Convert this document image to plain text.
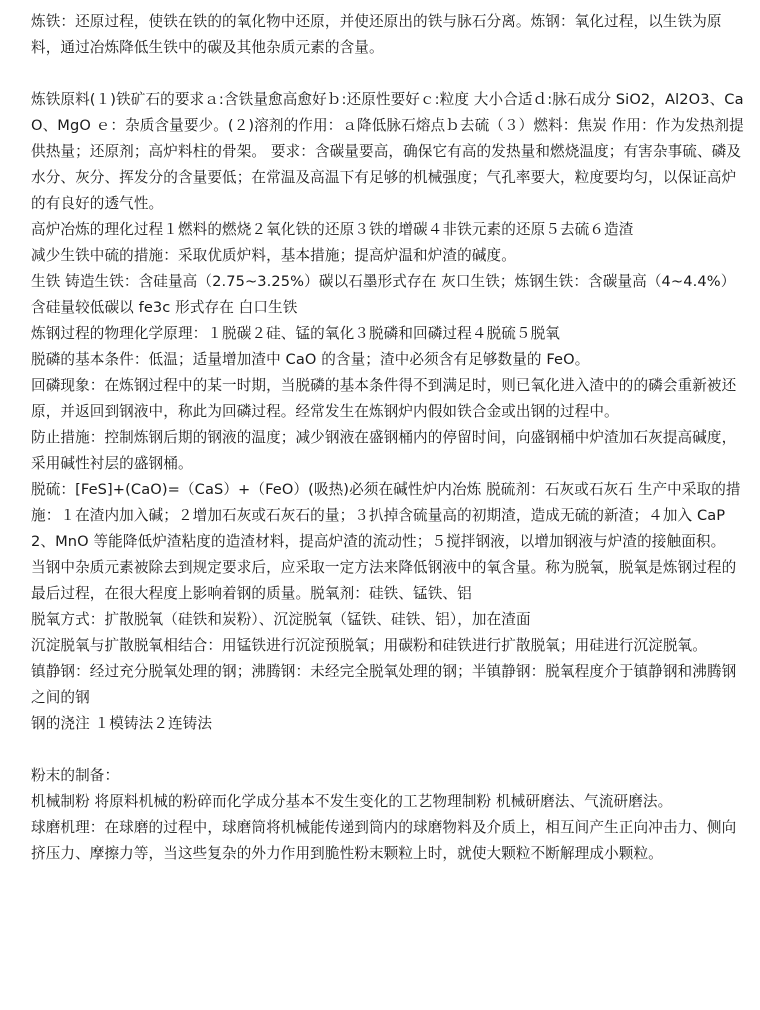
炼铁：还原过程，使铁在铁的的氧化物中还原，并使还原出的铁与脉石分离。炼钢：氧化过程，以生铁为原料，通过冶炼降低生铁中的碳及其他杂质元素的含量。

炼铁原料(１)铁矿石的要求ａ:含铁量愈高愈好ｂ:还原性要好ｃ:粒度 大小合适ｄ:脉石成分 SiO2，Al2O3、CaO、MgO ｅ：杂质含量要少。(２)溶剂的作用：ａ降低脉石熔点ｂ去硫（３）燃料：焦炭 作用：作为发热剂提供热量；还原剂；高炉料柱的骨架。 要求：含碳量要高，确保它有高的发热量和燃烧温度；有害杂事硫、磷及水分、灰分、挥发分的含量要低；在常温及高温下有足够的机械强度；气孔率要大，粒度要均匀，以保证高炉的有良好的透气性。

高炉冶炼的理化过程１燃料的燃烧２氧化铁的还原３铁的增碳４非铁元素的还原５去硫６造渣

减少生铁中硫的措施：采取优质炉料，基本措施；提高炉温和炉渣的碱度。

生铁 铸造生铁：含硅量高（2.75~3.25%）碳以石墨形式存在 灰口生铁；炼钢生铁：含碳量高（4~4.4%）含硅量较低碳以 fe3c 形式存在 白口生铁

炼钢过程的物理化学原理：１脱碳２硅、锰的氧化３脱磷和回磷过程４脱硫５脱氧

脱磷的基本条件：低温；适量增加渣中 CaO 的含量；渣中必须含有足够数量的 FeO。

回磷现象：在炼钢过程中的某一时期，当脱磷的基本条件得不到满足时，则已氧化进入渣中的的磷会重新被还原，并返回到钢液中，称此为回磷过程。经常发生在炼钢炉内假如铁合金或出钢的过程中。

防止措施：控制炼钢后期的钢液的温度；减少钢液在盛钢桶内的停留时间，向盛钢桶中炉渣加石灰提高碱度，采用碱性衬层的盛钢桶。

脱硫：[FeS]+(CaO)=（CaS）+（FeO）(吸热)必须在碱性炉内冶炼 脱硫剂：石灰或石灰石 生产中采取的措施：１在渣内加入碱；２增加石灰或石灰石的量；３扒掉含硫量高的初期渣，造成无硫的新渣；４加入 CaP2、MnO 等能降低炉渣粘度的造渣材料，提高炉渣的流动性；５搅拌钢液，以增加钢液与炉渣的接触面积。

当钢中杂质元素被除去到规定要求后，应采取一定方法来降低钢液中的氧含量。称为脱氧，脱氧是炼钢过程的最后过程，在很大程度上影响着钢的质量。脱氧剂：硅铁、锰铁、铝

脱氧方式：扩散脱氧（硅铁和炭粉）、沉淀脱氧（锰铁、硅铁、铝），加在渣面

沉淀脱氧与扩散脱氧相结合：用锰铁进行沉淀预脱氧；用碳粉和硅铁进行扩散脱氧；用硅进行沉淀脱氧。

镇静钢：经过充分脱氧处理的钢；沸腾钢：未经完全脱氧处理的钢；半镇静钢：脱氧程度介于镇静钢和沸腾钢之间的钢

钢的浇注 １模铸法２连铸法

粉末的制备：

机械制粉 将原料机械的粉碎而化学成分基本不发生变化的工艺物理制粉 机械研磨法、气流研磨法。

球磨机理：在球磨的过程中，球磨筒将机械能传递到筒内的球磨物料及介质上，相互间产生正向冲击力、侧向挤压力、摩擦力等，当这些复杂的外力作用到脆性粉末颗粒上时，就使大颗粒不断解理成小颗粒。
